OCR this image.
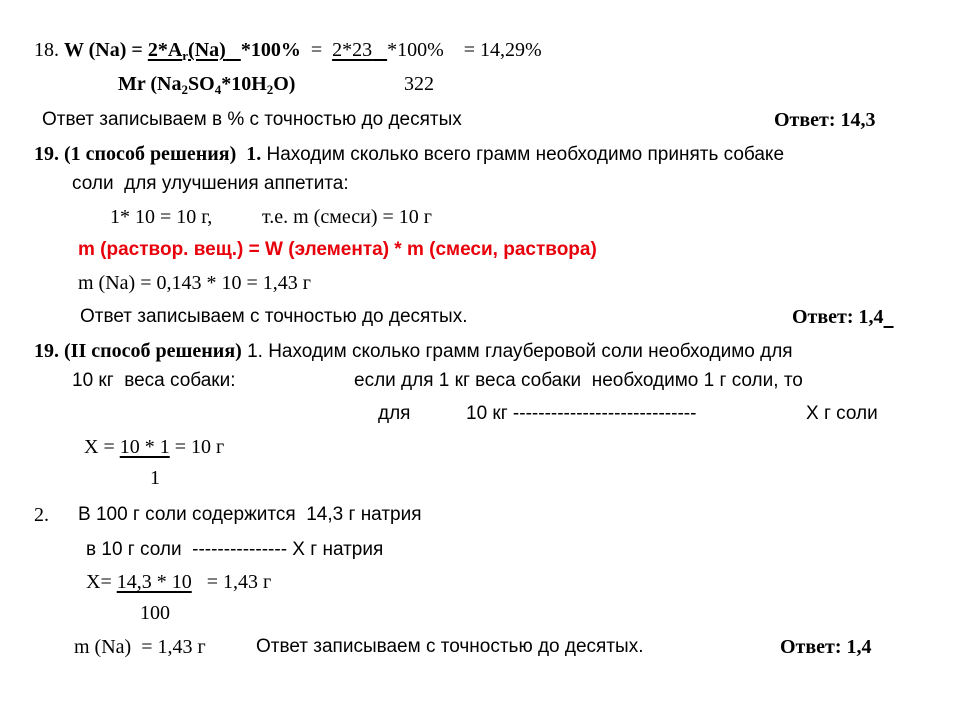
18. W $(Na) = 2*A_r(Na) *100\% = 2*23$ *100% = 14,29%
Mr $(Na_2SO_4*10H_2O)$	322
Ответ записываем в % с точностью до десятых	Ответ: 14,3
19. (1 способ решения)  1. Находим сколько всего грамм необходимо принять собаке
соли  для улучшения аппетита:
1* 10 = 10 г, т.е. m (смеси) = 10 г
m (раствор. вещ.) = W (элемента) * m (смеси, раствора)
m (Na) = 0,143 * 10 = 1,43 г
Ответ записываем с точностью до десятых.	Ответ: 1,4
19. (II способ решения) 1. Находим сколько грамм глауберовой соли необходимо для
10 кг  веса собаки:	если для 1 кг веса собаки  необходимо 1 г соли, то
для	10 кг -----------------------------	X г соли
X = 10 * 1 = 10 г
1
2. В 100 г соли содержится  14,3 г натрия
в 10 г соли  --------------- X г натрия
X= 14,3 * 10 = 1,43 г
100
m (Na)  = 1,43 г	Ответ записываем с точностью до десятых.	Ответ: 1,4
